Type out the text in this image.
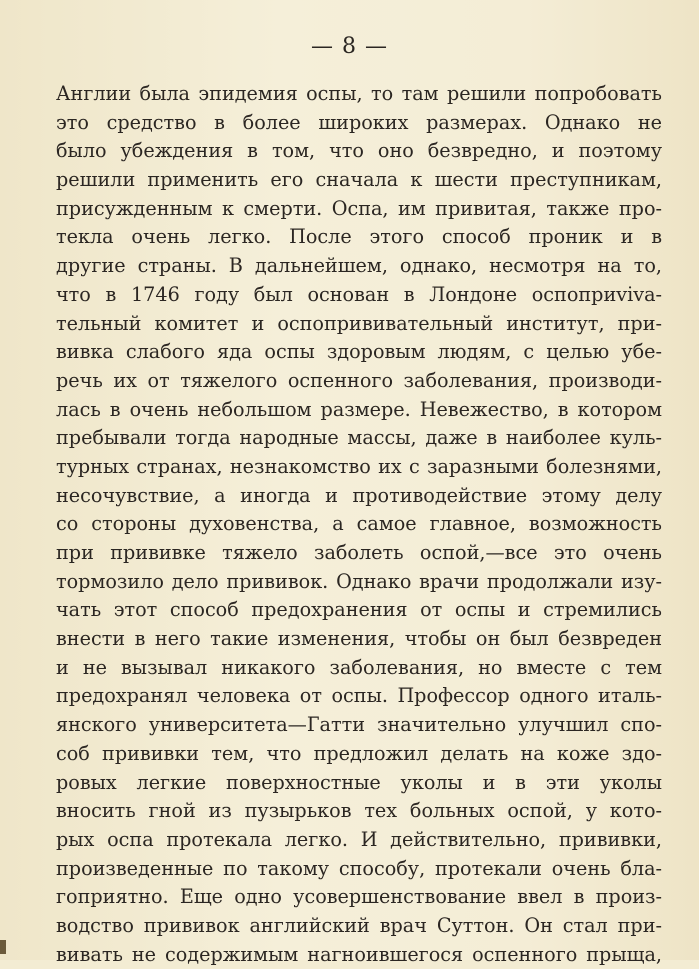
— 8 —
Англии была эпидемия оспы, то там решили попробовать
это средство в более широких размерах. Однако не
было убеждения в том, что оно безвредно, и поэтому
решили применить его сначала к шести преступникам,
присужденным к смерти. Оспа, им привитая, также про-
текла очень легко. После этого способ проник и в
другие страны. В дальнейшем, однако, несмотря на то,
что в 1746 году был основан в Лондоне оспоприviva-
тельный комитет и оспопрививательный институт, при-
вивка слабого яда оспы здоровым людям, с целью убе-
речь их от тяжелого оспенного заболевания, производи-
лась в очень небольшом размере. Невежество, в котором
пребывали тогда народные массы, даже в наиболее куль-
турных странах, незнакомство их с заразными болезнями,
несочувствие, а иногда и противодействие этому делу
со стороны духовенства, а самое главное, возможность
при прививке тяжело заболеть оспой,—все это очень
тормозило дело прививок. Однако врачи продолжали изу-
чать этот способ предохранения от оспы и стремились
внести в него такие изменения, чтобы он был безвреден
и не вызывал никакого заболевания, но вместе с тем
предохранял человека от оспы. Профессор одного италь-
янского университета—Гатти значительно улучшил спо-
соб прививки тем, что предложил делать на коже здо-
ровых легкие поверхностные уколы и в эти уколы
вносить гной из пузырьков тех больных оспой, у кото-
рых оспа протекала легко. И действительно, прививки,
произведенные по такому способу, протекали очень бла-
гоприятно. Еще одно усовершенствование ввел в произ-
водство прививок английский врач Суттон. Он стал при-
вивать не содержимым нагноившегося оспенного прыща,
